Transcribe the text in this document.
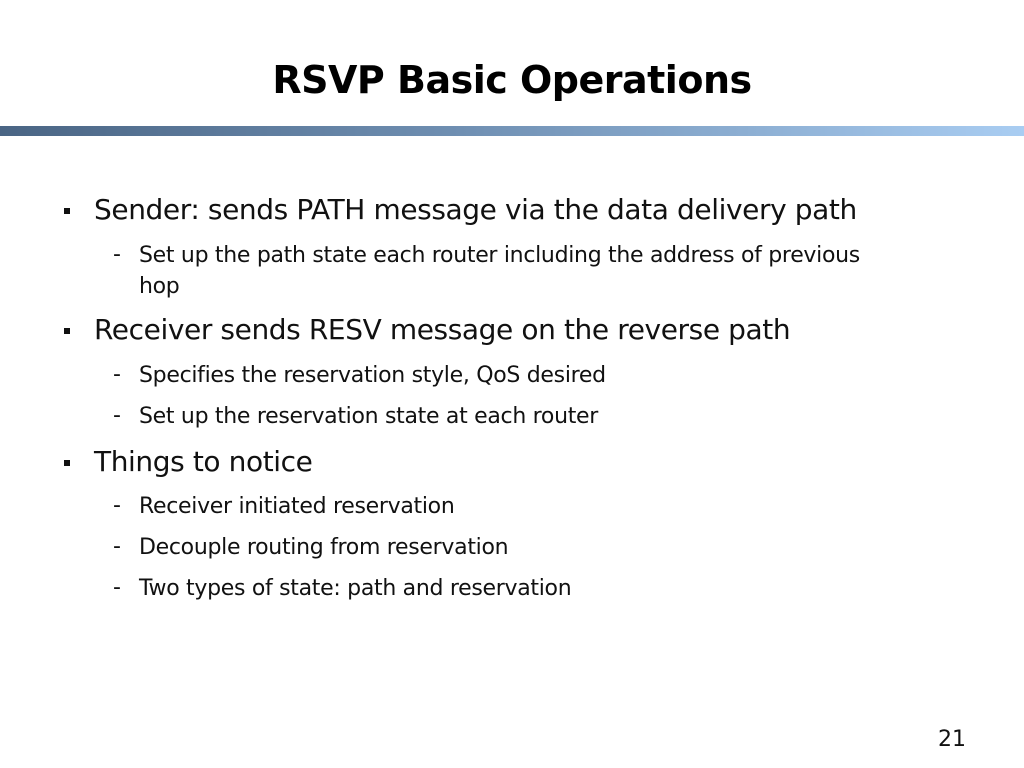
RSVP Basic Operations
Sender: sends PATH message via the data delivery path
- Set up the path state each router including the address of previous hop
Receiver sends RESV message on the reverse path
- Specifies the reservation style, QoS desired
- Set up the reservation state at each router
Things to notice
- Receiver initiated reservation
- Decouple routing from reservation
- Two types of state: path and reservation
21
